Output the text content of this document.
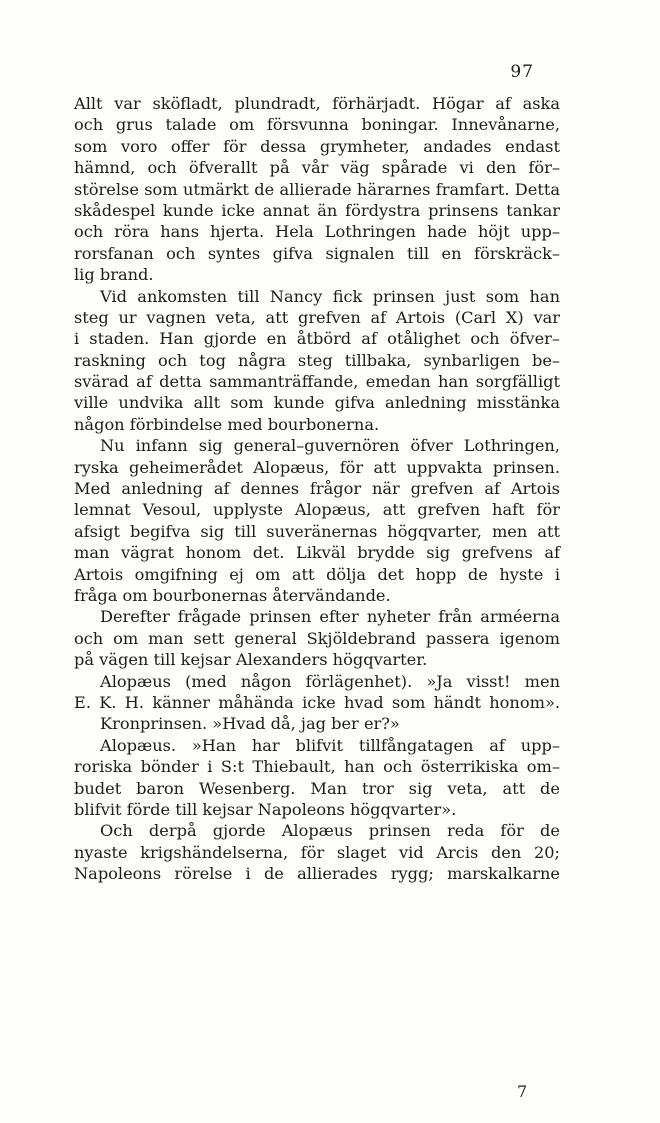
97
Allt var sköfladt, plundradt, förhärjadt. Högar af aska
och grus talade om försvunna boningar. Innevånarne,
som voro offer för dessa grymheter, andades endast
hämnd, och öfverallt på vår väg spårade vi den för–
störelse som utmärkt de allierade härarnes framfart. Detta
skådespel kunde icke annat än fördystra prinsens tankar
och röra hans hjerta. Hela Lothringen hade höjt upp–
rorsfanan och syntes gifva signalen till en förskräck–
lig brand.
Vid ankomsten till Nancy fick prinsen just som han
steg ur vagnen veta, att grefven af Artois (Carl X) var
i staden. Han gjorde en åtbörd af otålighet och öfver–
raskning och tog några steg tillbaka, synbarligen be–
svärad af detta sammanträffande, emedan han sorgfälligt
ville undvika allt som kunde gifva anledning misstänka
någon förbindelse med bourbonerna.
Nu infann sig general–guvernören öfver Lothringen,
ryska geheimerådet Alopæus, för att uppvakta prinsen.
Med anledning af dennes frågor när grefven af Artois
lemnat Vesoul, upplyste Alopæus, att grefven haft för
afsigt begifva sig till suveränernas högqvarter, men att
man vägrat honom det. Likväl brydde sig grefvens af
Artois omgifning ej om att dölja det hopp de hyste i
fråga om bourbonernas återvändande.
Derefter frågade prinsen efter nyheter från arméerna
och om man sett general Skjöldebrand passera igenom
på vägen till kejsar Alexanders högqvarter.
Alopæus (med någon förlägenhet). »Ja visst! men
E. K. H. känner måhända icke hvad som händt honom».
Kronprinsen. »Hvad då, jag ber er?»
Alopæus. »Han har blifvit tillfångatagen af upp–
roriska bönder i S:t Thiebault, han och österrikiska om–
budet baron Wesenberg. Man tror sig veta, att de
blifvit förde till kejsar Napoleons högqvarter».
Och derpå gjorde Alopæus prinsen reda för de
nyaste krigshändelserna, för slaget vid Arcis den 20;
Napoleons rörelse i de allierades rygg; marskalkarne
7
